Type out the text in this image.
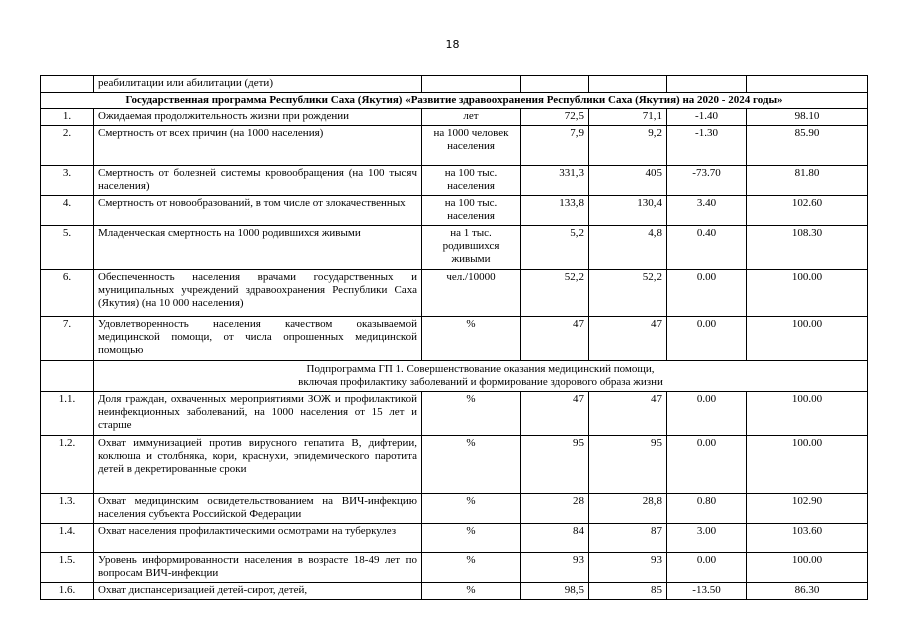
18
	реабилитации или абилитации (дети)					
Государственная программа Республики Саха (Якутия) «Развитие здравоохранения Республики Саха (Якутия) на 2020 - 2024 годы»						
1.	Ожидаемая продолжительность жизни при рождении	лет	72,5	71,1	-1.40	98.10
2.	Смертность от всех причин (на 1000 населения)	на 1000 человек населения	7,9	9,2	-1.30	85.90
3.	Смертность от болезней системы кровообращения (на 100 тысяч населения)	на 100 тыс. населения	331,3	405	-73.70	81.80
4.	Смертность от новообразований, в том числе от злокачественных	на 100 тыс. населения	133,8	130,4	3.40	102.60
5.	Младенческая смертность на 1000 родившихся живыми	на 1 тыс. родившихся живыми	5,2	4,8	0.40	108.30
6.	Обеспеченность населения врачами государственных и муниципальных учреждений здравоохранения Республики Саха (Якутия) (на 10 000 населения)	чел./10000	52,2	52,2	0.00	100.00
7.	Удовлетворенность населения качеством оказываемой медицинской помощи, от числа опрошенных медицинской помощью	%	47	47	0.00	100.00

	Подпрограмма ГП 1. Совершенствование оказания медицинский помощи,
включая профилактику заболеваний и формирование здорового образа жизни					

1.1.	Доля граждан, охваченных мероприятиями ЗОЖ и профилактикой неинфекционных заболеваний, на 1000 населения от 15 лет и старше	%	47	47	0.00	100.00
1.2.	Охват иммунизацией против вирусного гепатита В, дифтерии, коклюша и столбняка, кори, краснухи, эпидемического паротита детей в декретированные сроки	%	95	95	0.00	100.00
1.3.	Охват медицинским освидетельствованием на ВИЧ-инфекцию населения субъекта Российской Федерации	%	28	28,8	0.80	102.90
1.4.	Охват населения профилактическими осмотрами на туберкулез	%	84	87	3.00	103.60
1.5.	Уровень информированности населения в возрасте 18-49 лет по вопросам ВИЧ-инфекции	%	93	93	0.00	100.00
1.6.	Охват диспансеризацией детей-сирот, детей,	%	98,5	85	-13.50	86.30
